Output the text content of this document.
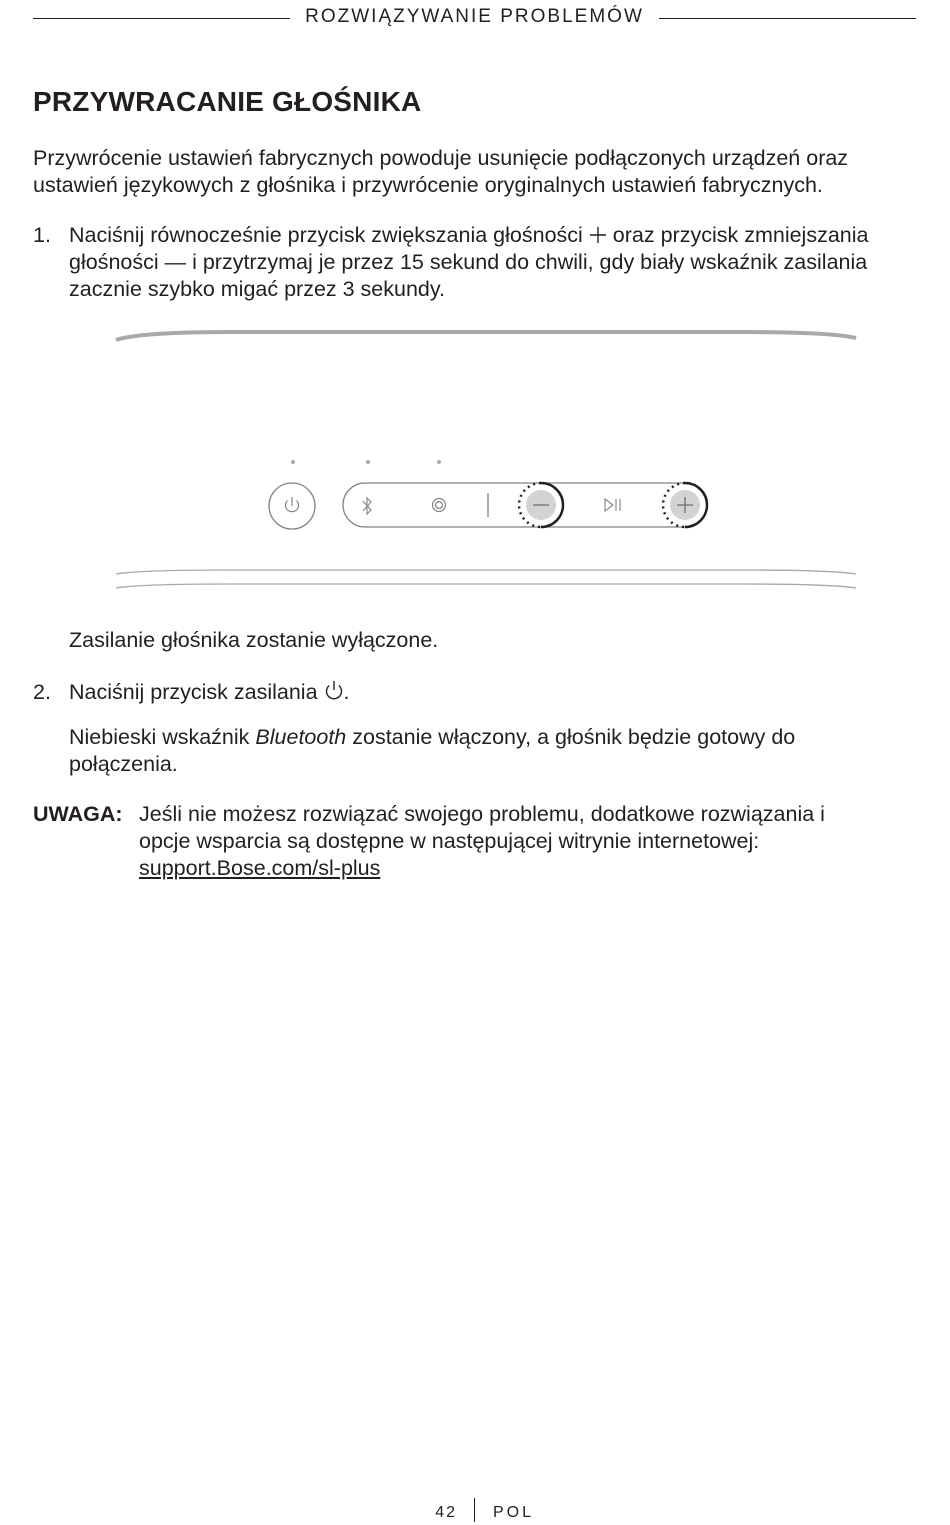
ROZWIĄZYWANIE PROBLEMÓW
PRZYWRACANIE GŁOŚNIKA

Przywrócenie ustawień fabrycznych powoduje usunięcie podłączonych urządzeń oraz ustawień językowych z głośnika i przywrócenie oryginalnych ustawień fabrycznych.

1. Naciśnij równocześnie przycisk zwiększania głośności oraz przycisk zmniejszania głośności — i przytrzymaj je przez 15 sekund do chwili, gdy biały wskaźnik zasilania zacznie szybko migać przez 3 sekundy.

Zasilanie głośnika zostanie wyłączone.

2. Naciśnij przycisk zasilania .

Niebieski wskaźnik Bluetooth zostanie włączony, a głośnik będzie gotowy do połączenia.

UWAGA: Jeśli nie możesz rozwiązać swojego problemu, dodatkowe rozwiązania i opcje wsparcia są dostępne w następującej witrynie internetowej:
support.Bose.com/sl-plus

42 POL
